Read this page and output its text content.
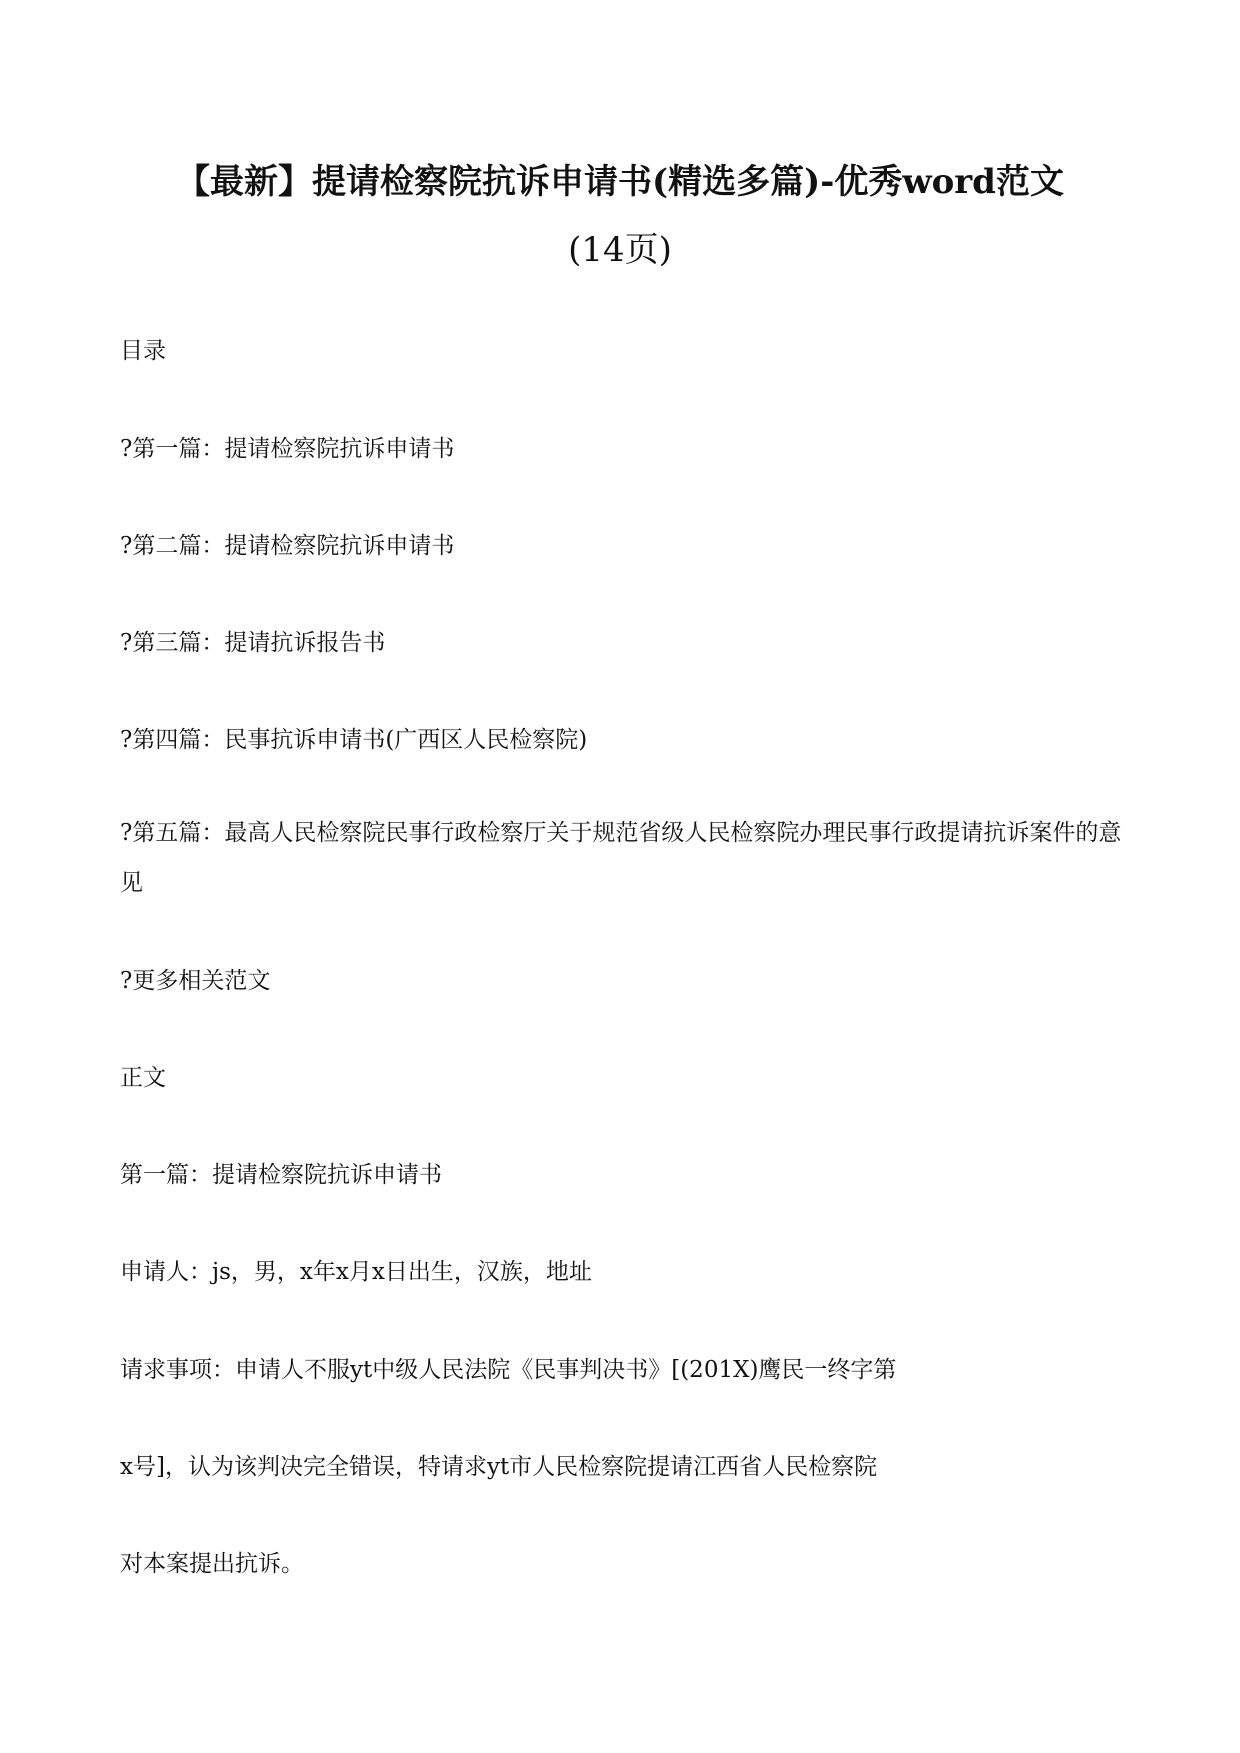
【最新】提请检察院抗诉申请书(精选多篇)-优秀word范文
(14页)

目录

?第一篇：提请检察院抗诉申请书

?第二篇：提请检察院抗诉申请书

?第三篇：提请抗诉报告书

?第四篇：民事抗诉申请书(广西区人民检察院)

?第五篇：最高人民检察院民事行政检察厅关于规范省级人民检察院办理民事行政提请抗诉案件的意见

?更多相关范文

正文

第一篇：提请检察院抗诉申请书

申请人：js，男，x年x月x日出生，汉族，地址

请求事项：申请人不服yt中级人民法院《民事判决书》[(201X)鹰民一终字第

x号]，认为该判决完全错误，特请求yt市人民检察院提请江西省人民检察院

对本案提出抗诉。
